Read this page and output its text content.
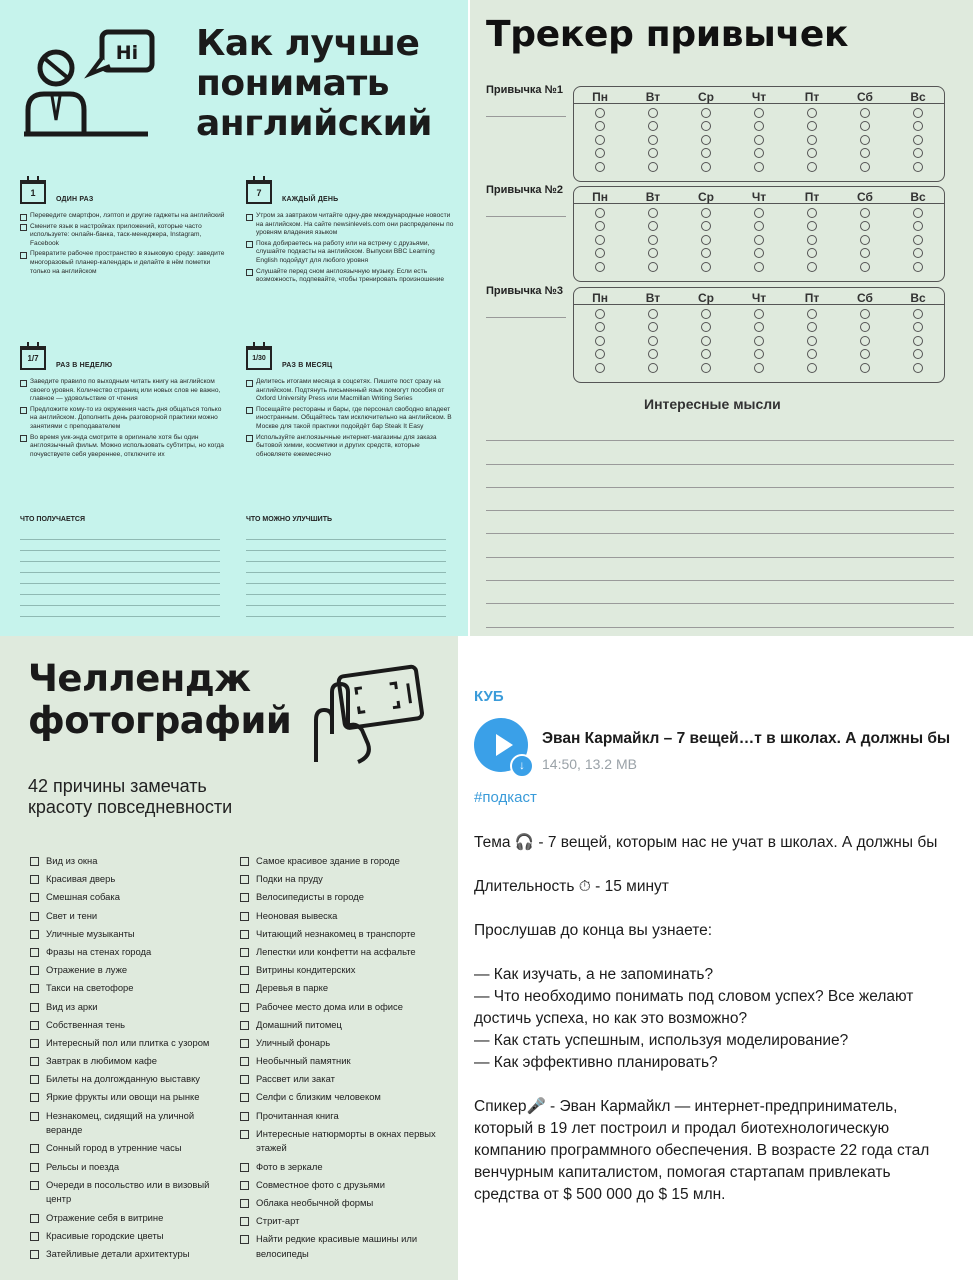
Hi Как лучше
понимать
английский
1
ОДИН РАЗ
Переведите смартфон, лэптоп и другие гаджеты на английский
Смените язык в настройках приложений, которые часто используете: онлайн-банка, таск-менеджера, Instagram, Facebook
Превратите рабочее пространство в языковую среду: заведите многоразовый планер-календарь и делайте в нём пометки только на английском
7
КАЖДЫЙ ДЕНЬ
Утром за завтраком читайте одну-две международные новости на английском. На сайте newsinlevels.com они распределены по уровням владения языком
Пока добираетесь на работу или на встречу с друзьями, слушайте подкасты на английском. Выпуски BBC Learning English подойдут для любого уровня
Слушайте перед сном англоязычную музыку. Если есть возможность, подпевайте, чтобы тренировать произношение
1/7
РАЗ В НЕДЕЛЮ
Заведите правило по выходным читать книгу на английском своего уровня. Количество страниц или новых слов не важно, главное — удовольствие от чтения
Предложите кому-то из окружения часть дня общаться только на английском. Дополнить день разговорной практики можно занятиями с преподавателем
Во время уик-энда смотрите в оригинале хотя бы один англоязычный фильм. Можно использовать субтитры, но когда почувствуете себя увереннее, отключите их
1/30
РАЗ В МЕСЯЦ
Делитесь итогами месяца в соцсетях. Пишите пост сразу на английском. Подтянуть письменный язык помогут пособия от Oxford University Press или Macmillan Writing Series
Посещайте рестораны и бары, где персонал свободно владеет иностранным. Общайтесь там исключительно на английском. В Москве для такой практики подойдёт бар Steak It Easy
Используйте англоязычные интернет-магазины для заказа бытовой химии, косметики и других средств, которые обновляете ежемесячно
ЧТО ПОЛУЧАЕТСЯ	ЧТО МОЖНО УЛУЧШИТЬ
Трекер привычек
Привычка №1	Пн	Вт	Ср	Чт	Пт	Сб	Вс
Привычка №2	Пн	Вт	Ср	Чт	Пт	Сб	Вс
Привычка №3	Пн	Вт	Ср	Чт	Пт	Сб	Вс
Интересные мысли
Челлендж
фотографий
42 причины замечать
красоту повседневности
Вид из окна
Красивая дверь
Смешная собака
Свет и тени
Уличные музыканты
Фразы на стенах города
Отражение в луже
Такси на светофоре
Вид из арки
Собственная тень
Интересный пол или плитка с узором
Завтрак в любимом кафе
Билеты на долгожданную выставку
Яркие фрукты или овощи на рынке
Незнакомец, сидящий на уличной веранде
Сонный город в утренние часы
Рельсы и поезда
Очереди в посольство или в визовый центр
Отражение себя в витрине
Красивые городские цветы
Затейливые детали архитектуры
Самое красивое здание в городе
Подки на пруду
Велосипедисты в городе
Неоновая вывеска
Читающий незнакомец в транспорте
Лепестки или конфетти на асфальте
Витрины кондитерских
Деревья в парке
Рабочее место дома или в офисе
Домашний питомец
Уличный фонарь
Необычный памятник
Рассвет или закат
Селфи с близким человеком
Прочитанная книга
Интересные натюрморты в окнах первых этажей
Фото в зеркале
Совместное фото с друзьями
Облака необычной формы
Стрит-арт
Найти редкие красивые машины или велосипеды
КУБ
↓
Эван Кармайкл – 7 вещей…т в школах. А должны бы
14:50, 13.2 MB
#подкаст
Тема 🎧 - 7 вещей, которым нас не учат в школах. А должны бы
Длительность ⏱ - 15 минут
Прослушав до конца вы узнаете:
— Как изучать, а не запоминать?
— Что необходимо понимать под словом успех? Все желают
достичь успеха, но как это возможно?
— Как стать успешным, используя моделирование?
— Как эффективно планировать?
Спикер🎤 - Эван Кармайкл — интернет-предприниматель,
который в 19 лет построил и продал биотехнологическую
компанию программного обеспечения. В возрасте 22 года стал
венчурным капиталистом, помогая стартапам привлекать
средства от $ 500 000 до $ 15 млн.
